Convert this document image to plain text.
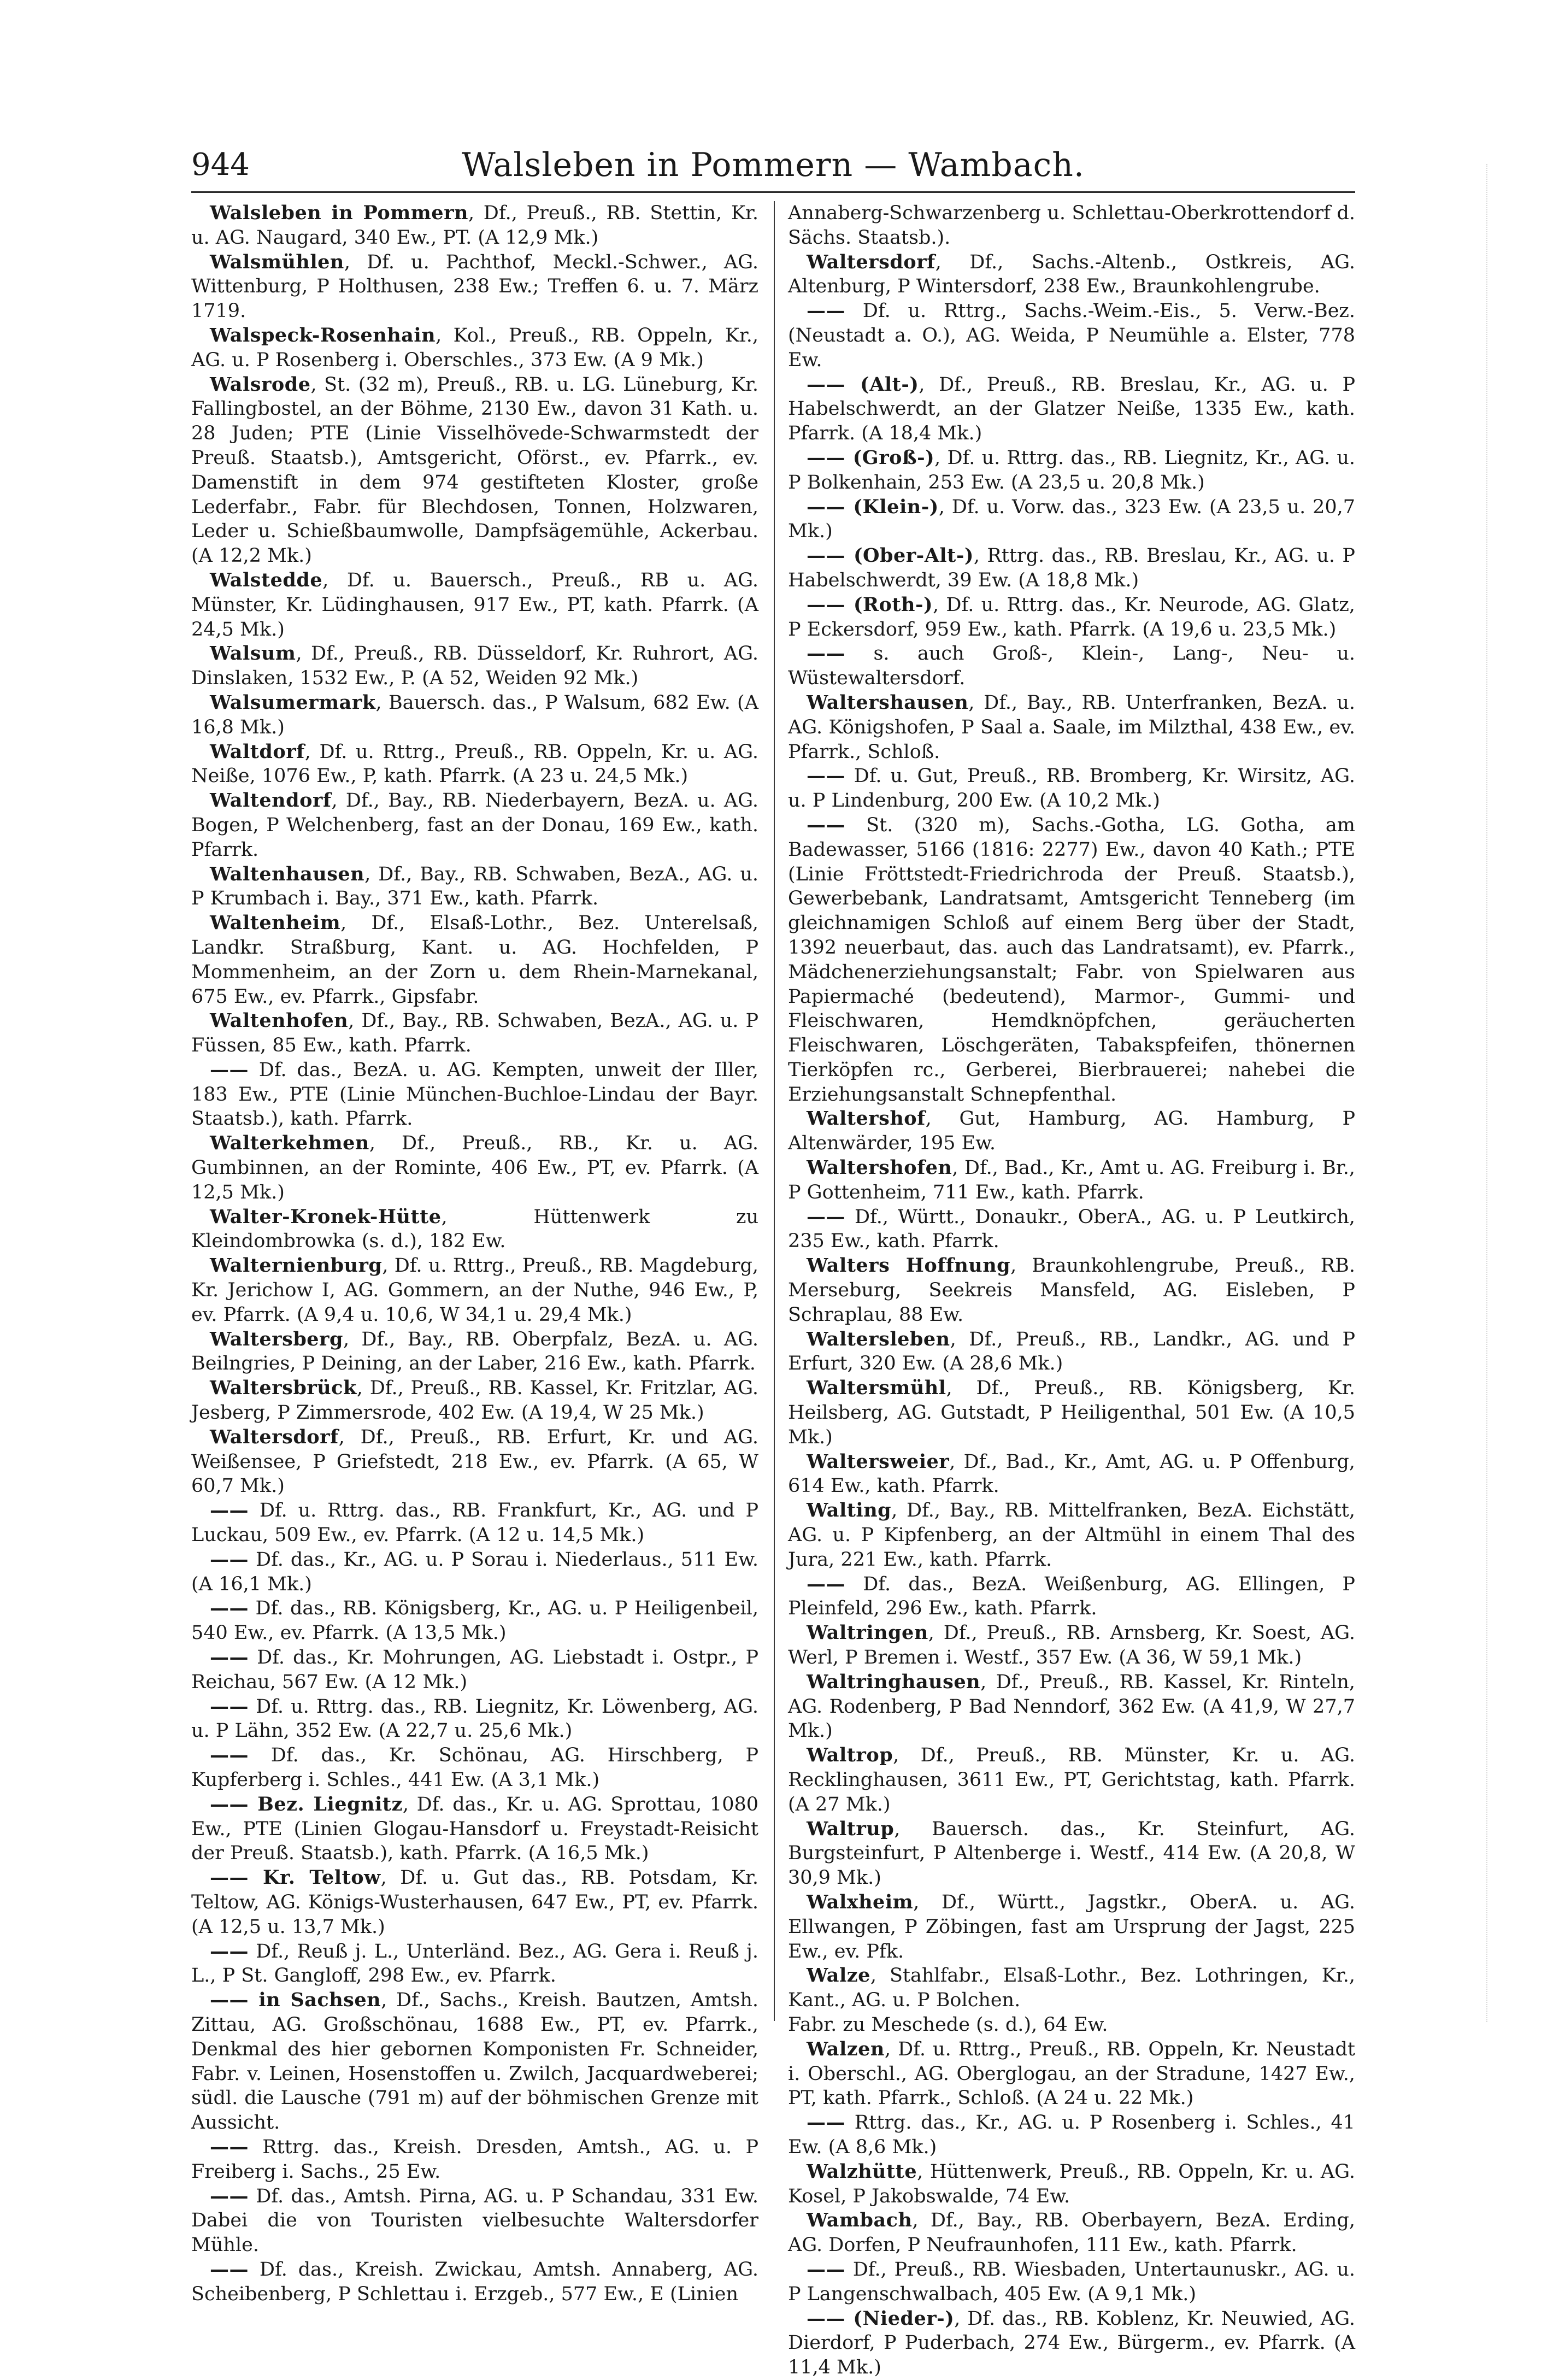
944	Walsleben in Pommern — Wambach.

Walsleben in Pommern, Df., Preuß., RB. Stettin, Kr. u. AG. Naugard, 340 Ew., PT. (A 12,9 Mk.)

Walsmühlen, Df. u. Pachthof, Meckl.-Schwer., AG. Wittenburg, P Holthusen, 238 Ew.; Treffen 6. u. 7. März 1719.

Walspeck-Rosenhain, Kol., Preuß., RB. Oppeln, Kr., AG. u. P Rosenberg i. Oberschles., 373 Ew. (A 9 Mk.)

Walsrode, St. (32 m), Preuß., RB. u. LG. Lüneburg, Kr. Fallingbostel, an der Böhme, 2130 Ew., davon 31 Kath. u. 28 Juden; PTE (Linie Visselhövede-Schwarmstedt der Preuß. Staatsb.), Amtsgericht, Oförst., ev. Pfarrk., ev. Damenstift in dem 974 gestifteten Kloster, große Lederfabr., Fabr. für Blechdosen, Tonnen, Holzwaren, Leder u. Schießbaumwolle, Dampfsägemühle, Ackerbau. (A 12,2 Mk.)

Walstedde, Df. u. Bauersch., Preuß., RB u. AG. Münster, Kr. Lüdinghausen, 917 Ew., PT, kath. Pfarrk. (A 24,5 Mk.)

Walsum, Df., Preuß., RB. Düsseldorf, Kr. Ruhrort, AG. Dinslaken, 1532 Ew., P. (A 52, Weiden 92 Mk.)

Walsumermark, Bauersch. das., P Walsum, 682 Ew. (A 16,8 Mk.)

Waltdorf, Df. u. Rttrg., Preuß., RB. Oppeln, Kr. u. AG. Neiße, 1076 Ew., P, kath. Pfarrk. (A 23 u. 24,5 Mk.)

Waltendorf, Df., Bay., RB. Niederbayern, BezA. u. AG. Bogen, P Welchenberg, fast an der Donau, 169 Ew., kath. Pfarrk.

Waltenhausen, Df., Bay., RB. Schwaben, BezA., AG. u. P Krumbach i. Bay., 371 Ew., kath. Pfarrk.

Waltenheim, Df., Elsaß-Lothr., Bez. Unterelsaß, Landkr. Straßburg, Kant. u. AG. Hochfelden, P Mommenheim, an der Zorn u. dem Rhein-Marnekanal, 675 Ew., ev. Pfarrk., Gipsfabr.

Waltenhofen, Df., Bay., RB. Schwaben, BezA., AG. u. P Füssen, 85 Ew., kath. Pfarrk.

—— Df. das., BezA. u. AG. Kempten, unweit der Iller, 183 Ew., PTE (Linie München-Buchloe-Lindau der Bayr. Staatsb.), kath. Pfarrk.

Walterkehmen, Df., Preuß., RB., Kr. u. AG. Gumbinnen, an der Rominte, 406 Ew., PT, ev. Pfarrk. (A 12,5 Mk.)

Walter-Kronek-Hütte, Hüttenwerk zu Kleindombrowka (s. d.), 182 Ew.

Walternienburg, Df. u. Rttrg., Preuß., RB. Magdeburg, Kr. Jerichow I, AG. Gommern, an der Nuthe, 946 Ew., P, ev. Pfarrk. (A 9,4 u. 10,6, W 34,1 u. 29,4 Mk.)

Waltersberg, Df., Bay., RB. Oberpfalz, BezA. u. AG. Beilngries, P Deining, an der Laber, 216 Ew., kath. Pfarrk.

Waltersbrück, Df., Preuß., RB. Kassel, Kr. Fritzlar, AG. Jesberg, P Zimmersrode, 402 Ew. (A 19,4, W 25 Mk.)

Waltersdorf, Df., Preuß., RB. Erfurt, Kr. und AG. Weißensee, P Griefstedt, 218 Ew., ev. Pfarrk. (A 65, W 60,7 Mk.)

—— Df. u. Rttrg. das., RB. Frankfurt, Kr., AG. und P Luckau, 509 Ew., ev. Pfarrk. (A 12 u. 14,5 Mk.)

—— Df. das., Kr., AG. u. P Sorau i. Niederlaus., 511 Ew. (A 16,1 Mk.)

—— Df. das., RB. Königsberg, Kr., AG. u. P Heiligenbeil, 540 Ew., ev. Pfarrk. (A 13,5 Mk.)

—— Df. das., Kr. Mohrungen, AG. Liebstadt i. Ostpr., P Reichau, 567 Ew. (A 12 Mk.)

—— Df. u. Rttrg. das., RB. Liegnitz, Kr. Löwenberg, AG. u. P Lähn, 352 Ew. (A 22,7 u. 25,6 Mk.)

—— Df. das., Kr. Schönau, AG. Hirschberg, P Kupferberg i. Schles., 441 Ew. (A 3,1 Mk.)

—— Bez. Liegnitz, Df. das., Kr. u. AG. Sprottau, 1080 Ew., PTE (Linien Glogau-Hansdorf u. Freystadt-Reisicht der Preuß. Staatsb.), kath. Pfarrk. (A 16,5 Mk.)

—— Kr. Teltow, Df. u. Gut das., RB. Potsdam, Kr. Teltow, AG. Königs-Wusterhausen, 647 Ew., PT, ev. Pfarrk. (A 12,5 u. 13,7 Mk.)

—— Df., Reuß j. L., Unterländ. Bez., AG. Gera i. Reuß j. L., P St. Gangloff, 298 Ew., ev. Pfarrk.

—— in Sachsen, Df., Sachs., Kreish. Bautzen, Amtsh. Zittau, AG. Großschönau, 1688 Ew., PT, ev. Pfarrk., Denkmal des hier gebornen Komponisten Fr. Schneider, Fabr. v. Leinen, Hosenstoffen u. Zwilch, Jacquardweberei; südl. die Lausche (791 m) auf der böhmischen Grenze mit Aussicht.

—— Rttrg. das., Kreish. Dresden, Amtsh., AG. u. P Freiberg i. Sachs., 25 Ew.

—— Df. das., Amtsh. Pirna, AG. u. P Schandau, 331 Ew. Dabei die von Touristen vielbesuchte Waltersdorfer Mühle.

—— Df. das., Kreish. Zwickau, Amtsh. Annaberg, AG. Scheibenberg, P Schlettau i. Erzgeb., 577 Ew., E (Linien

Annaberg-Schwarzenberg u. Schlettau-Oberkrottendorf d. Sächs. Staatsb.).

Waltersdorf, Df., Sachs.-Altenb., Ostkreis, AG. Altenburg, P Wintersdorf, 238 Ew., Braunkohlengrube.

—— Df. u. Rttrg., Sachs.-Weim.-Eis., 5. Verw.-Bez. (Neustadt a. O.), AG. Weida, P Neumühle a. Elster, 778 Ew.

—— (Alt-), Df., Preuß., RB. Breslau, Kr., AG. u. P Habelschwerdt, an der Glatzer Neiße, 1335 Ew., kath. Pfarrk. (A 18,4 Mk.)

—— (Groß-), Df. u. Rttrg. das., RB. Liegnitz, Kr., AG. u. P Bolkenhain, 253 Ew. (A 23,5 u. 20,8 Mk.)

—— (Klein-), Df. u. Vorw. das., 323 Ew. (A 23,5 u. 20,7 Mk.)

—— (Ober-Alt-), Rttrg. das., RB. Breslau, Kr., AG. u. P Habelschwerdt, 39 Ew. (A 18,8 Mk.)

—— (Roth-), Df. u. Rttrg. das., Kr. Neurode, AG. Glatz, P Eckersdorf, 959 Ew., kath. Pfarrk. (A 19,6 u. 23,5 Mk.)

—— s. auch Groß-, Klein-, Lang-, Neu- u. Wüstewaltersdorf.

Waltershausen, Df., Bay., RB. Unterfranken, BezA. u. AG. Königshofen, P Saal a. Saale, im Milzthal, 438 Ew., ev. Pfarrk., Schloß.

—— Df. u. Gut, Preuß., RB. Bromberg, Kr. Wirsitz, AG. u. P Lindenburg, 200 Ew. (A 10,2 Mk.)

—— St. (320 m), Sachs.-Gotha, LG. Gotha, am Badewasser, 5166 (1816: 2277) Ew., davon 40 Kath.; PTE (Linie Fröttstedt-Friedrichroda der Preuß. Staatsb.), Gewerbebank, Landratsamt, Amtsgericht Tenneberg (im gleichnamigen Schloß auf einem Berg über der Stadt, 1392 neuerbaut, das. auch das Landratsamt), ev. Pfarrk., Mädchenerziehungsanstalt; Fabr. von Spielwaren aus Papiermaché (bedeutend), Marmor-, Gummi- und Fleischwaren, Hemdknöpfchen, geräucherten Fleischwaren, Löschgeräten, Tabakspfeifen, thönernen Tierköpfen rc., Gerberei, Bierbrauerei; nahebei die Erziehungsanstalt Schnepfenthal.

Waltershof, Gut, Hamburg, AG. Hamburg, P Altenwärder, 195 Ew.

Waltershofen, Df., Bad., Kr., Amt u. AG. Freiburg i. Br., P Gottenheim, 711 Ew., kath. Pfarrk.

—— Df., Württ., Donaukr., OberA., AG. u. P Leutkirch, 235 Ew., kath. Pfarrk.

Walters Hoffnung, Braunkohlengrube, Preuß., RB. Merseburg, Seekreis Mansfeld, AG. Eisleben, P Schraplau, 88 Ew.

Waltersleben, Df., Preuß., RB., Landkr., AG. und P Erfurt, 320 Ew. (A 28,6 Mk.)

Waltersmühl, Df., Preuß., RB. Königsberg, Kr. Heilsberg, AG. Gutstadt, P Heiligenthal, 501 Ew. (A 10,5 Mk.)

Waltersweier, Df., Bad., Kr., Amt, AG. u. P Offenburg, 614 Ew., kath. Pfarrk.

Walting, Df., Bay., RB. Mittelfranken, BezA. Eichstätt, AG. u. P Kipfenberg, an der Altmühl in einem Thal des Jura, 221 Ew., kath. Pfarrk.

—— Df. das., BezA. Weißenburg, AG. Ellingen, P Pleinfeld, 296 Ew., kath. Pfarrk.

Waltringen, Df., Preuß., RB. Arnsberg, Kr. Soest, AG. Werl, P Bremen i. Westf., 357 Ew. (A 36, W 59,1 Mk.)

Waltringhausen, Df., Preuß., RB. Kassel, Kr. Rinteln, AG. Rodenberg, P Bad Nenndorf, 362 Ew. (A 41,9, W 27,7 Mk.)

Waltrop, Df., Preuß., RB. Münster, Kr. u. AG. Recklinghausen, 3611 Ew., PT, Gerichtstag, kath. Pfarrk. (A 27 Mk.)

Waltrup, Bauersch. das., Kr. Steinfurt, AG. Burgsteinfurt, P Altenberge i. Westf., 414 Ew. (A 20,8, W 30,9 Mk.)

Walxheim, Df., Württ., Jagstkr., OberA. u. AG. Ellwangen, P Zöbingen, fast am Ursprung der Jagst, 225 Ew., ev. Pfk.

Walze, Stahlfabr., Elsaß-Lothr., Bez. Lothringen, Kr., Kant., AG. u. P Bolchen.

Fabr. zu Meschede (s. d.), 64 Ew.

Walzen, Df. u. Rttrg., Preuß., RB. Oppeln, Kr. Neustadt i. Oberschl., AG. Oberglogau, an der Stradune, 1427 Ew., PT, kath. Pfarrk., Schloß. (A 24 u. 22 Mk.)

—— Rttrg. das., Kr., AG. u. P Rosenberg i. Schles., 41 Ew. (A 8,6 Mk.)

Walzhütte, Hüttenwerk, Preuß., RB. Oppeln, Kr. u. AG. Kosel, P Jakobswalde, 74 Ew.

Wambach, Df., Bay., RB. Oberbayern, BezA. Erding, AG. Dorfen, P Neufraunhofen, 111 Ew., kath. Pfarrk.

—— Df., Preuß., RB. Wiesbaden, Untertaunuskr., AG. u. P Langenschwalbach, 405 Ew. (A 9,1 Mk.)

—— (Nieder-), Df. das., RB. Koblenz, Kr. Neuwied, AG. Dierdorf, P Puderbach, 274 Ew., Bürgerm., ev. Pfarrk. (A 11,4 Mk.)
